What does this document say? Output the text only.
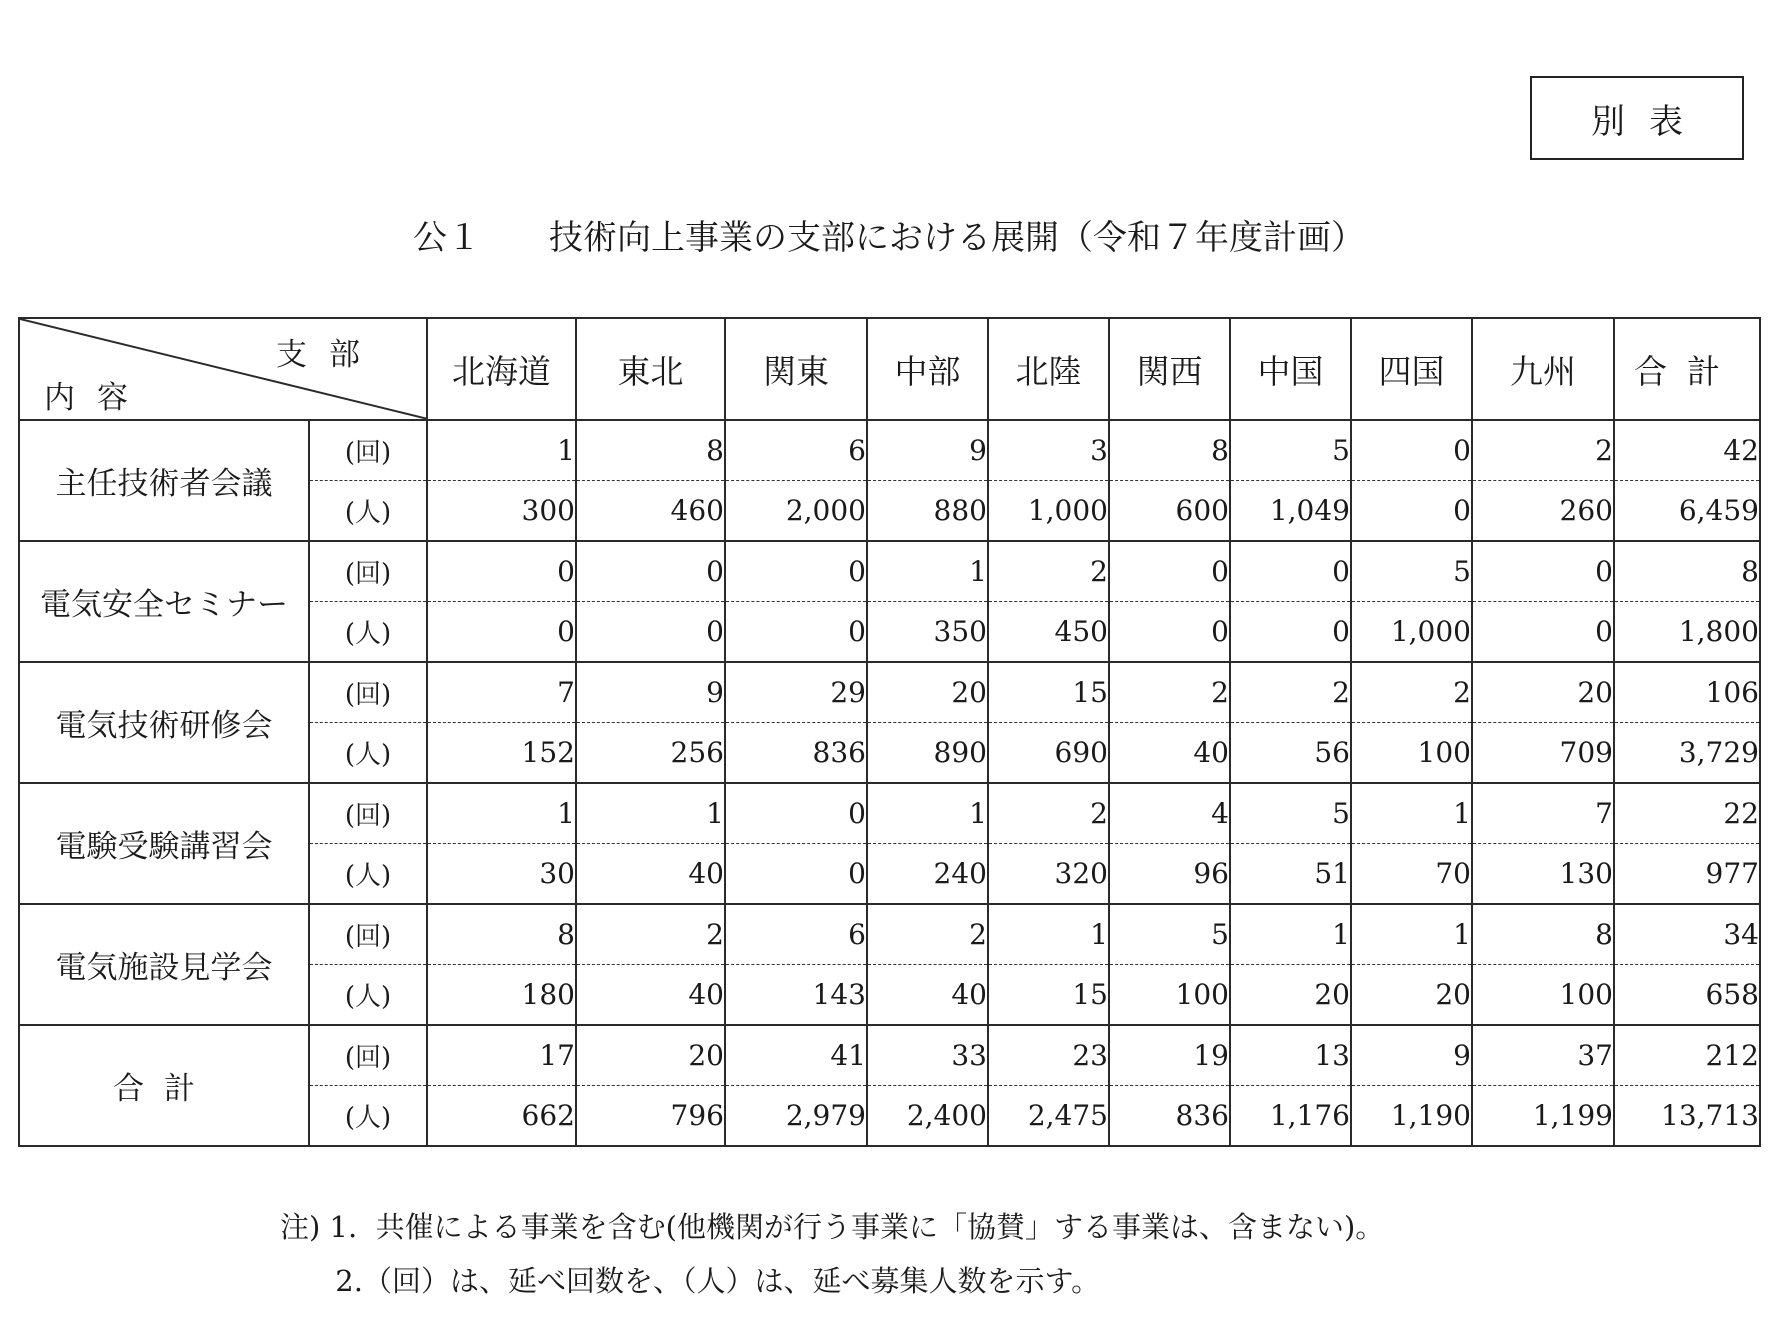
別表
公１　　技術向上事業の支部における展開（令和７年度計画）
支部
内容		北海道	東北	関東	中部	北陸	関西	中国	四国	九州	合計
主任技術者会議	(回)	1	8	6	9	3	8	5	0	2	42
	(人)	300	460	2,000	880	1,000	600	1,049	0	260	6,459
電気安全セミナー	(回)	0	0	0	1	2	0	0	5	0	8
	(人)	0	0	0	350	450	0	0	1,000	0	1,800
電気技術研修会	(回)	7	9	29	20	15	2	2	2	20	106
	(人)	152	256	836	890	690	40	56	100	709	3,729
電験受験講習会	(回)	1	1	0	1	2	4	5	1	7	22
	(人)	30	40	0	240	320	96	51	70	130	977
電気施設見学会	(回)	8	2	6	2	1	5	1	1	8	34
	(人)	180	40	143	40	15	100	20	20	100	658
合計	(回)	17	20	41	33	23	19	13	9	37	212
	(人)	662	796	2,979	2,400	2,475	836	1,176	1,190	1,199	13,713
注) 1.  共催による事業を含む(他機関が行う事業に「協賛」する事業は、含まない)。
2.（回）は、延べ回数を、（人）は、延べ募集人数を示す。
